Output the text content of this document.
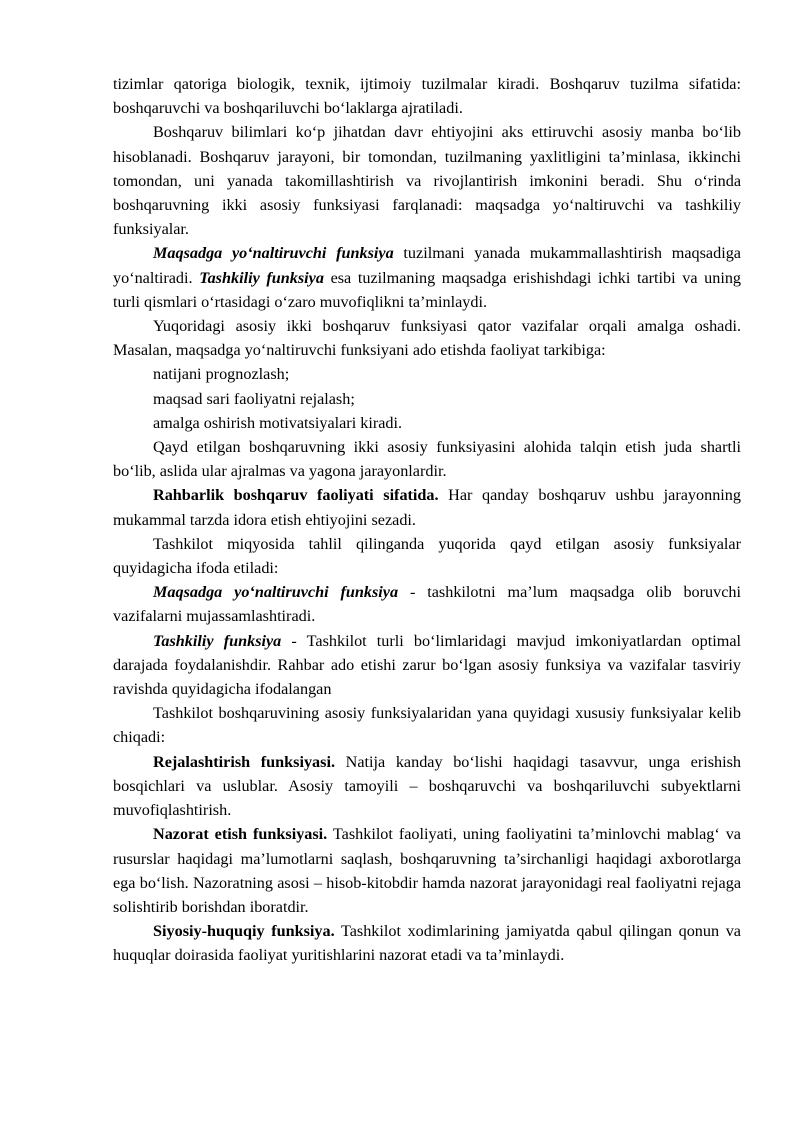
tizimlar qatoriga biologik, texnik, ijtimoiy tuzilmalar kiradi. Boshqaruv tuzilma sifatida: boshqaruvchi va boshqariluvchi bo‘laklarga ajratiladi.

Boshqaruv bilimlari ko‘p jihatdan davr ehtiyojini aks ettiruvchi asosiy manba bo‘lib hisoblanadi. Boshqaruv jarayoni, bir tomondan, tuzilmaning yaxlitligini ta’minlasa, ikkinchi tomondan, uni yanada takomillashtirish va rivojlantirish imkonini beradi. Shu o‘rinda boshqaruvning ikki asosiy funksiyasi farqlanadi: maqsadga yo‘naltiruvchi va tashkiliy funksiyalar.

Maqsadga yo‘naltiruvchi funksiya tuzilmani yanada mukammallashtirish maqsadiga yo‘naltiradi. Tashkiliy funksiya esa tuzilmaning maqsadga erishishdagi ichki tartibi va uning turli qismlari o‘rtasidagi o‘zaro muvofiqlikni ta’minlaydi.

Yuqoridagi asosiy ikki boshqaruv funksiyasi qator vazifalar orqali amalga oshadi. Masalan, maqsadga yo‘naltiruvchi funksiyani ado etishda faoliyat tarkibiga:

natijani prognozlash;

maqsad sari faoliyatni rejalash;

amalga oshirish motivatsiyalari kiradi.

Qayd etilgan boshqaruvning ikki asosiy funksiyasini alohida talqin etish juda shartli bo‘lib, aslida ular ajralmas va yagona jarayonlardir.

Rahbarlik boshqaruv faoliyati sifatida. Har qanday boshqaruv ushbu jarayonning mukammal tarzda idora etish ehtiyojini sezadi.

Tashkilot miqyosida tahlil qilinganda yuqorida qayd etilgan asosiy funksiyalar quyidagicha ifoda etiladi:

Maqsadga yo‘naltiruvchi funksiya - tashkilotni ma’lum maqsadga olib boruvchi vazifalarni mujassamlashtiradi.

Tashkiliy funksiya - Tashkilot turli bo‘limlaridagi mavjud imkoniyatlardan optimal darajada foydalanishdir. Rahbar ado etishi zarur bo‘lgan asosiy funksiya va vazifalar tasviriy ravishda quyidagicha ifodalangan

Tashkilot boshqaruvining asosiy funksiyalaridan yana quyidagi xususiy funksiyalar kelib chiqadi:

Rejalashtirish funksiyasi. Natija kanday bo‘lishi haqidagi tasavvur, unga erishish bosqichlari va uslublar. Asosiy tamoyili – boshqaruvchi va boshqariluvchi subyektlarni muvofiqlashtirish.

Nazorat etish funksiyasi. Tashkilot faoliyati, uning faoliyatini ta’minlovchi mablag‘ va rusurslar haqidagi ma’lumotlarni saqlash, boshqaruvning ta’sirchanligi haqidagi axborotlarga ega bo‘lish. Nazoratning asosi – hisob-kitobdir hamda nazorat jarayonidagi real faoliyatni rejaga solishtirib borishdan iboratdir.

Siyosiy-huquqiy funksiya. Tashkilot xodimlarining jamiyatda qabul qilingan qonun va huquqlar doirasida faoliyat yuritishlarini nazorat etadi va ta’minlaydi.
